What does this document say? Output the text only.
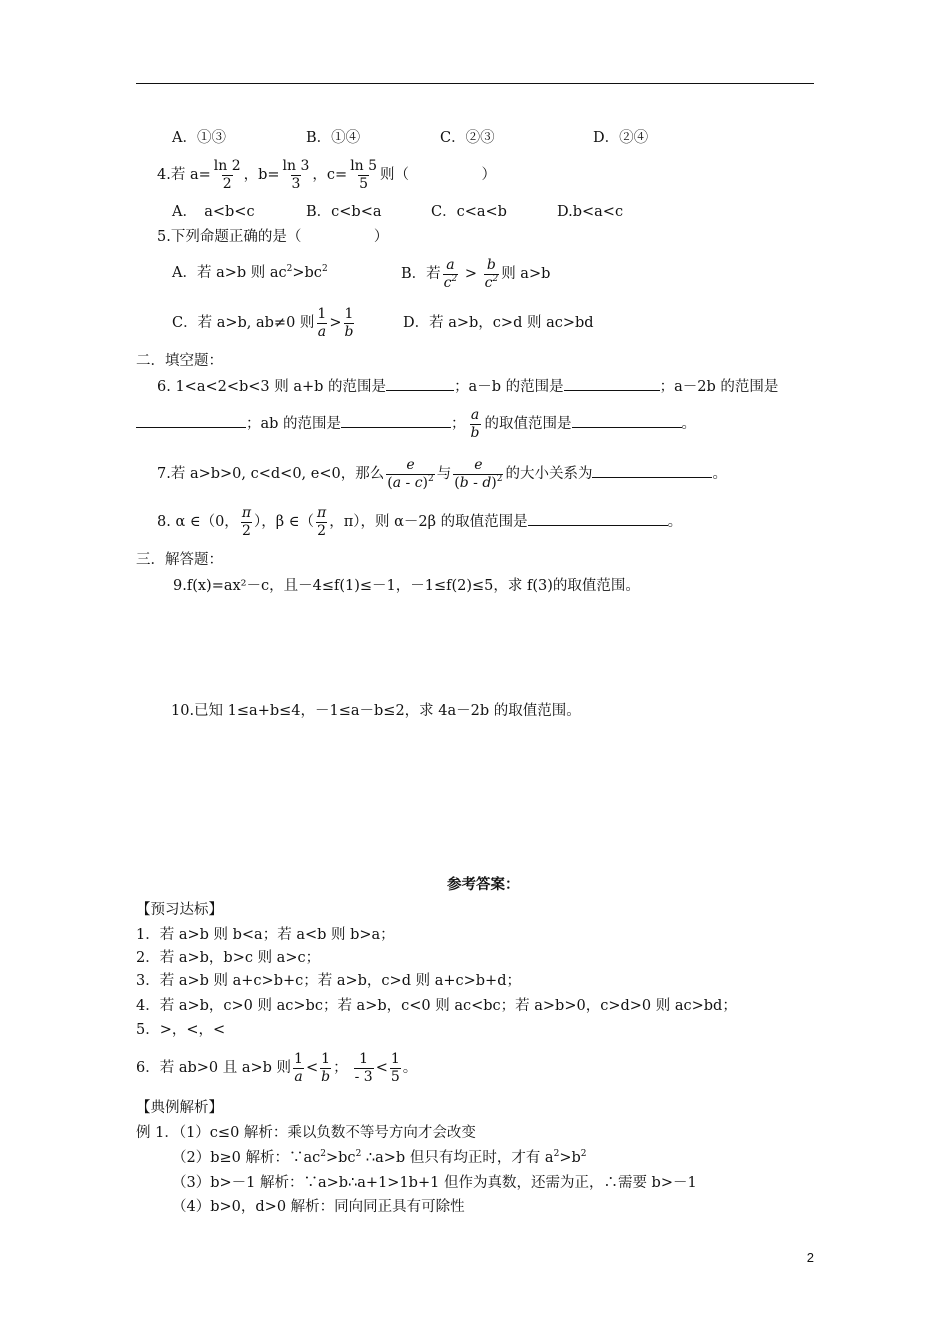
A．①③	B．①④	C．②③	D．②④
4.若 $a= \frac{\ln 2}{2}$ ，$b= \frac{\ln 3}{3}$ ，$c= \frac{\ln 5}{5}$ 则（　　　　　）
A．　a<b<c	B．c<b<a	C．c<a<b	D.b<a<c
5.下列命题正确的是（　　　　　）
A．若 a>b 则 $ac^2>bc^2$	B．若 $\frac{a}{c^2} > \frac{b}{c^2}$ 则 a>b
C．若 a>b, ab≠0 则 $\frac{1}{a} > \frac{1}{b}$	D．若 a>b，c>d 则 ac>bd
二．填空题：
6. 1<a<2<b<3 则 a+b 的范围是	；a－b 的范围是	；a－2b 的范围是
；ab 的范围是	； $\frac{a}{b}$ 的取值范围是	。
7.若 a>b>0, c<d<0, e<0，那么 $\frac{e}{(a - c)^2}$ 与 $\frac{e}{(b - d)^2}$ 的大小关系为	。
8. α ∈（0， $\frac{\pi}{2}$ ），β ∈（ $\frac{\pi}{2}$ ，π），则 α－2β 的取值范围是	。
三．解答题：
9.f(x)=ax²－c，且－4≤f(1)≤－1，－1≤f(2)≤5，求 f(3)的取值范围。
10.已知 1≤a+b≤4，－1≤a－b≤2，求 4a－2b 的取值范围。
参考答案：
【预习达标】
1．若 a>b 则 b<a；若 a<b 则 b>a；
2．若 a>b，b>c 则 a>c；
3．若 a>b 则 a+c>b+c；若 a>b，c>d 则 a+c>b+d；
4．若 a>b，c>0 则 ac>bc；若 a>b，c<0 则 ac<bc；若 a>b>0，c>d>0 则 ac>bd；
5．>，<，<
6．若 ab>0 且 a>b 则 $\frac{1}{a} < \frac{1}{b}$ ； $\frac{1}{- 3} < \frac{1}{5}$ 。
【典例解析】
例 1．（1）c≤0 解析：乘以负数不等号方向才会改变
（2）b≥0 解析：$\because ac^2>bc^2$ ∴a>b 但只有均正时，才有 $a^2>b^2$
（3）b>－1 解析：∵a>b∴a+1>1b+1 但作为真数，还需为正，∴需要 b>－1
（4）b>0，d>0 解析：同向同正具有可除性
2
